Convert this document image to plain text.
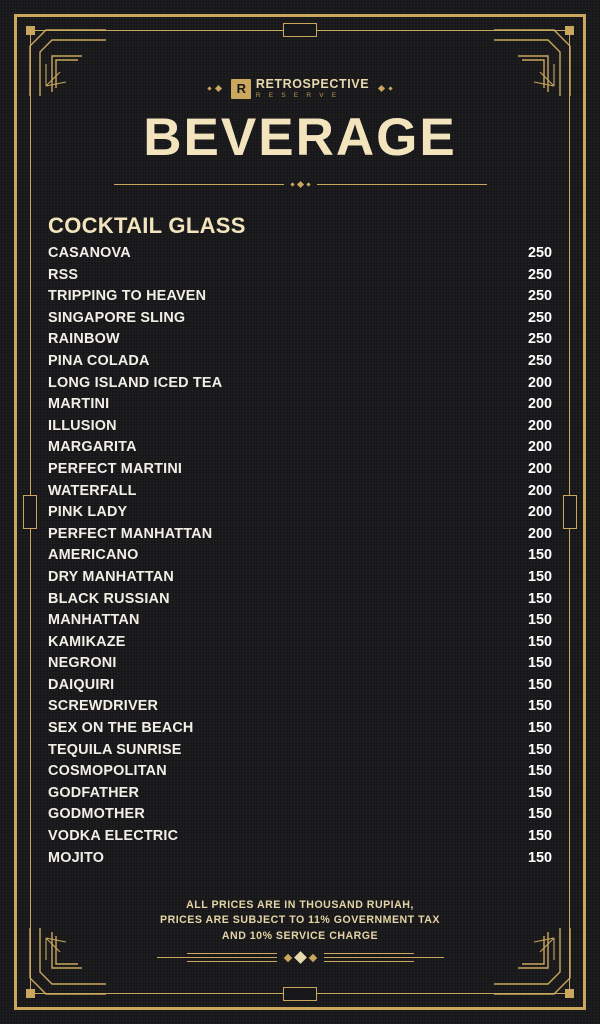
R RETROSPECTIVE
R E S E R V E
BEVERAGE
COCKTAIL GLASS
CASANOVA	250
RSS	250
TRIPPING TO HEAVEN	250
SINGAPORE SLING	250
RAINBOW	250
PINA COLADA	250
LONG ISLAND ICED TEA	200
MARTINI	200
ILLUSION	200
MARGARITA	200
PERFECT MARTINI	200
WATERFALL	200
PINK LADY	200
PERFECT MANHATTAN	200
AMERICANO	150
DRY MANHATTAN	150
BLACK RUSSIAN	150
MANHATTAN	150
KAMIKAZE	150
NEGRONI	150
DAIQUIRI	150
SCREWDRIVER	150
SEX ON THE BEACH	150
TEQUILA SUNRISE	150
COSMOPOLITAN	150
GODFATHER	150
GODMOTHER	150
VODKA ELECTRIC	150
MOJITO	150
ALL PRICES ARE IN THOUSAND RUPIAH,
PRICES ARE SUBJECT TO 11% GOVERNMENT TAX
AND 10% SERVICE CHARGE
